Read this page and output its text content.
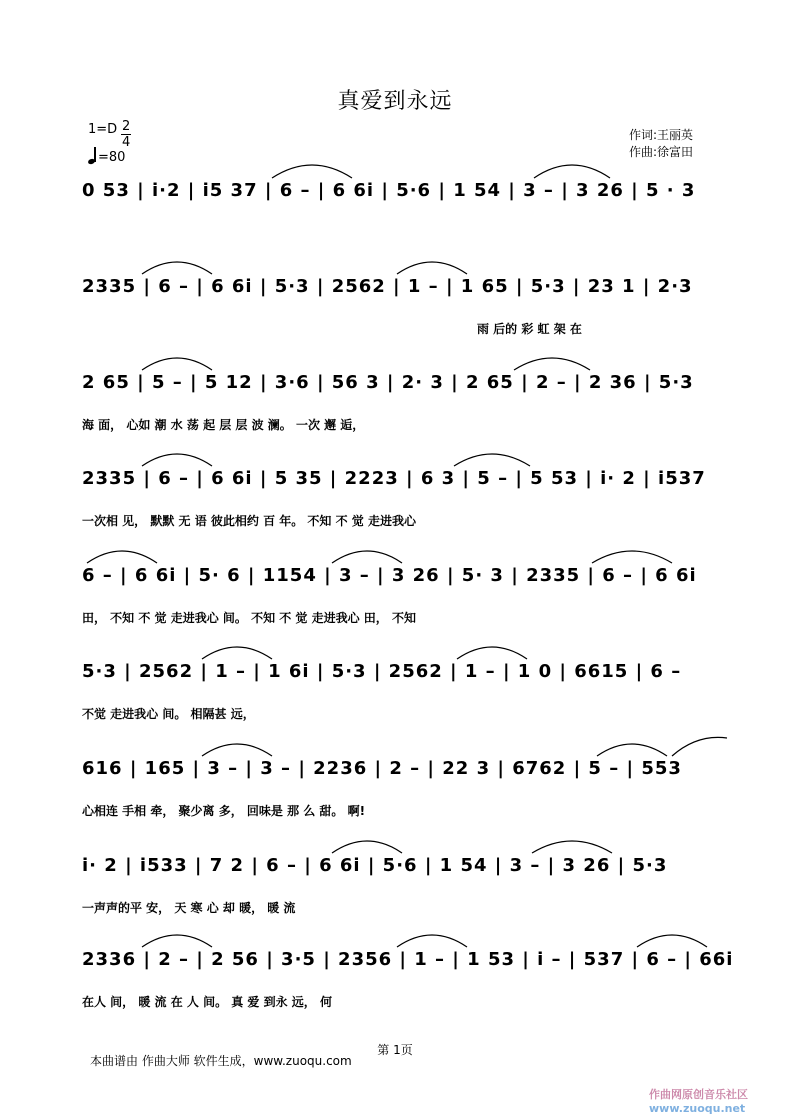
真爱到永远
1=D 2
4
=80
作词:王丽英
作曲:徐富田
0 53 | i·2 | i5 37 | 6 – | 6 6i | 5·6 | 1 54 | 3 – | 3 26 | 5 · 3
2335 | 6 – | 6 6i | 5·3 | 2562 | 1 – | 1 65 | 5·3 | 23 1 | 2·3
雨 后的 彩 虹 架 在
2 65 | 5 – | 5 12 | 3·6 | 56 3 | 2· 3 | 2 65 | 2 – | 2 36 | 5·3
海 面， 心如 潮 水 荡 起 层 层 波 澜。 一次 邂 逅，
2335 | 6 – | 6 6i | 5 35 | 2223 | 6 3 | 5 – | 5 53 | i· 2 | i537
一次相 见， 默默 无 语 彼此相约 百 年。 不知 不 觉 走进我心
6 – | 6 6i | 5· 6 | 1154 | 3 – | 3 26 | 5· 3 | 2335 | 6 – | 6 6i
田， 不知 不 觉 走进我心 间。 不知 不 觉 走进我心 田， 不知
5·3 | 2562 | 1 – | 1 6i | 5·3 | 2562 | 1 – | 1 0 | 6615 | 6 –
不觉 走进我心 间。 相隔甚 远，
616 | 165 | 3 – | 3 – | 2236 | 2 – | 22 3 | 6762 | 5 – | 553
心相连 手相 牵， 聚少离 多， 回味是 那 么 甜。 啊!
i· 2 | i533 | 7 2 | 6 – | 6 6i | 5·6 | 1 54 | 3 – | 3 26 | 5·3
一声声的平 安， 天 寒 心 却 暖， 暖 流
2336 | 2 – | 2 56 | 3·5 | 2356 | 1 – | 1 53 | i – | 537 | 6 – | 66i
在人 间， 暖 流 在 人 间。 真 爱 到永 远， 何
第 1页
本曲谱由 作曲大师 软件生成，www.zuoqu.com
作曲网原创音乐社区
www.zuoqu.net
